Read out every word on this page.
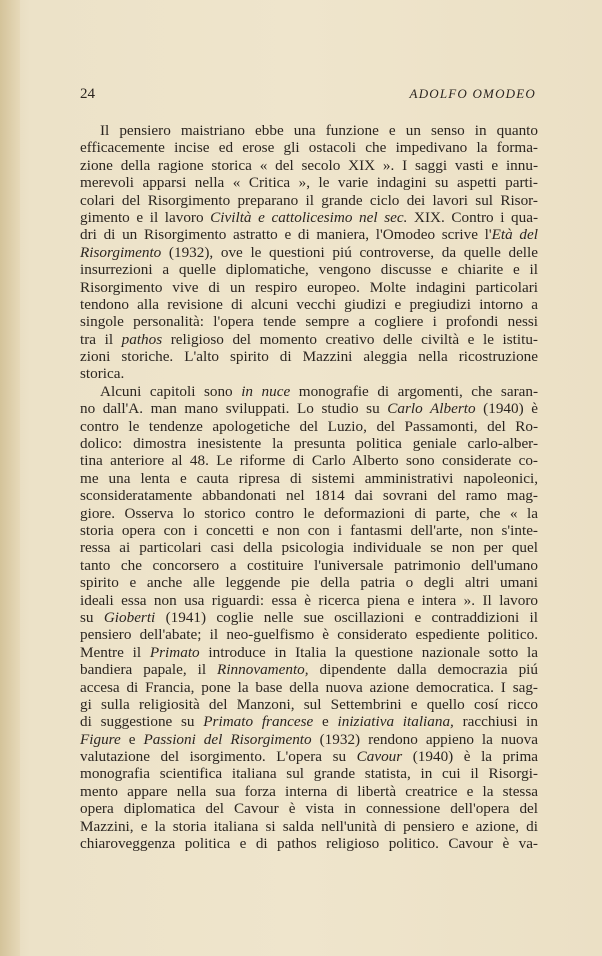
24	ADOLFO OMODEO
Il pensiero maistriano ebbe una funzione e un senso in quanto
efficacemente incise ed erose gli ostacoli che impedivano la forma-
zione della ragione storica « del secolo XIX ». I saggi vasti e innu-
merevoli apparsi nella « Critica », le varie indagini su aspetti parti-
colari del Risorgimento preparano il grande ciclo dei lavori sul Risor-
gimento e il lavoro Civiltà e cattolicesimo nel sec. XIX. Contro i qua-
dri di un Risorgimento astratto e di maniera, l'Omodeo scrive l'Età del
Risorgimento (1932), ove le questioni piú controverse, da quelle delle
insurrezioni a quelle diplomatiche, vengono discusse e chiarite e il
Risorgimento vive di un respiro europeo. Molte indagini particolari
tendono alla revisione di alcuni vecchi giudizi e pregiudizi intorno a
singole personalità: l'opera tende sempre a cogliere i profondi nessi
tra il pathos religioso del momento creativo delle civiltà e le istitu-
zioni storiche. L'alto spirito di Mazzini aleggia nella ricostruzione
storica.
Alcuni capitoli sono in nuce monografie di argomenti, che saran-
no dall'A. man mano sviluppati. Lo studio su Carlo Alberto (1940) è
contro le tendenze apologetiche del Luzio, del Passamonti, del Ro-
dolico: dimostra inesistente la presunta politica geniale carlo-alber-
tina anteriore al 48. Le riforme di Carlo Alberto sono considerate co-
me una lenta e cauta ripresa di sistemi amministrativi napoleonici,
sconsideratamente abbandonati nel 1814 dai sovrani del ramo mag-
giore. Osserva lo storico contro le deformazioni di parte, che « la
storia opera con i concetti e non con i fantasmi dell'arte, non s'inte-
ressa ai particolari casi della psicologia individuale se non per quel
tanto che concorsero a costituire l'universale patrimonio dell'umano
spirito e anche alle leggende pie della patria o degli altri umani
ideali essa non usa riguardi: essa è ricerca piena e intera ». Il lavoro
su Gioberti (1941) coglie nelle sue oscillazioni e contraddizioni il
pensiero dell'abate; il neo-guelfismo è considerato espediente politico.
Mentre il Primato introduce in Italia la questione nazionale sotto la
bandiera papale, il Rinnovamento, dipendente dalla democrazia piú
accesa di Francia, pone la base della nuova azione democratica. I sag-
gi sulla religiosità del Manzoni, sul Settembrini e quello cosí ricco
di suggestione su Primato francese e iniziativa italiana, racchiusi in
Figure e Passioni del Risorgimento (1932) rendono appieno la nuova
valutazione del isorgimento. L'opera su Cavour (1940) è la prima
monografia scientifica italiana sul grande statista, in cui il Risorgi-
mento appare nella sua forza interna di libertà creatrice e la stessa
opera diplomatica del Cavour è vista in connessione dell'opera del
Mazzini, e la storia italiana si salda nell'unità di pensiero e azione, di
chiaroveggenza politica e di pathos religioso politico. Cavour è va-
